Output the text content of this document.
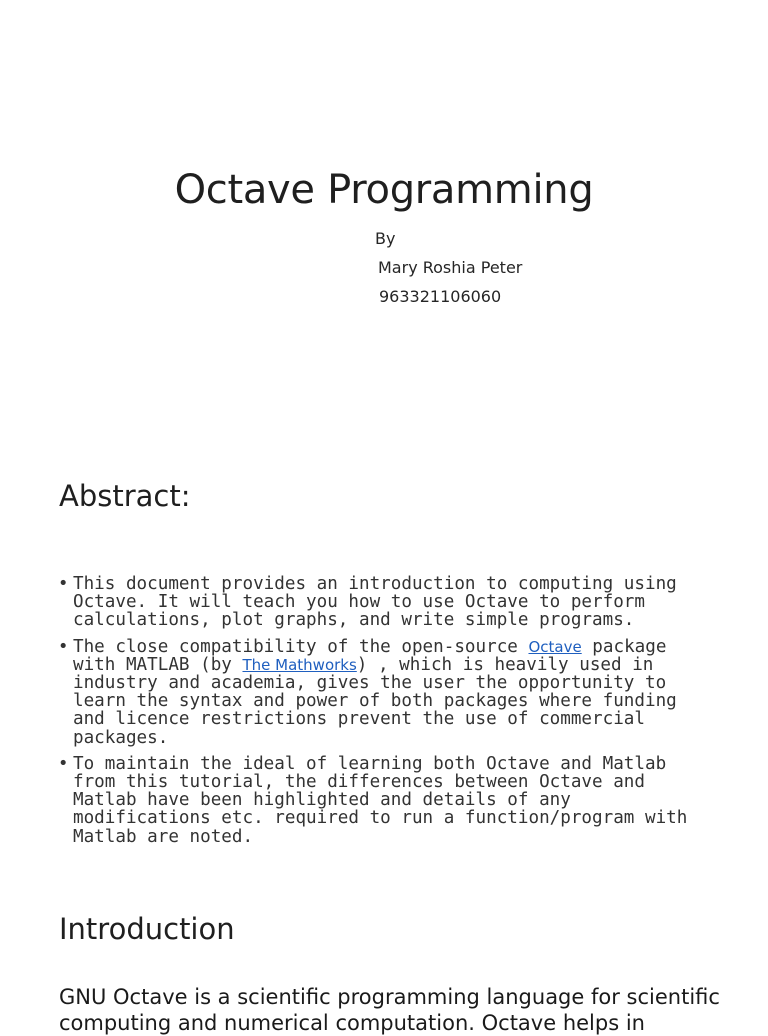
Octave Programming
By
Mary Roshia Peter
963321106060
Abstract:
• This document provides an introduction to computing using Octave. It will teach you how to use Octave to perform calculations, plot graphs, and write simple programs.
• The close compatibility of the open-source Octave package with MATLAB (by The Mathworks) , which is heavily used in industry and academia, gives the user the opportunity to learn the syntax and power of both packages where funding and licence restrictions prevent the use of commercial packages.
• To maintain the ideal of learning both Octave and Matlab from this tutorial, the differences between Octave and Matlab have been highlighted and details of any modifications etc. required to run a function/program with Matlab are noted.
Introduction
GNU Octave is a scientific programming language for scientific computing and numerical computation. Octave helps in
